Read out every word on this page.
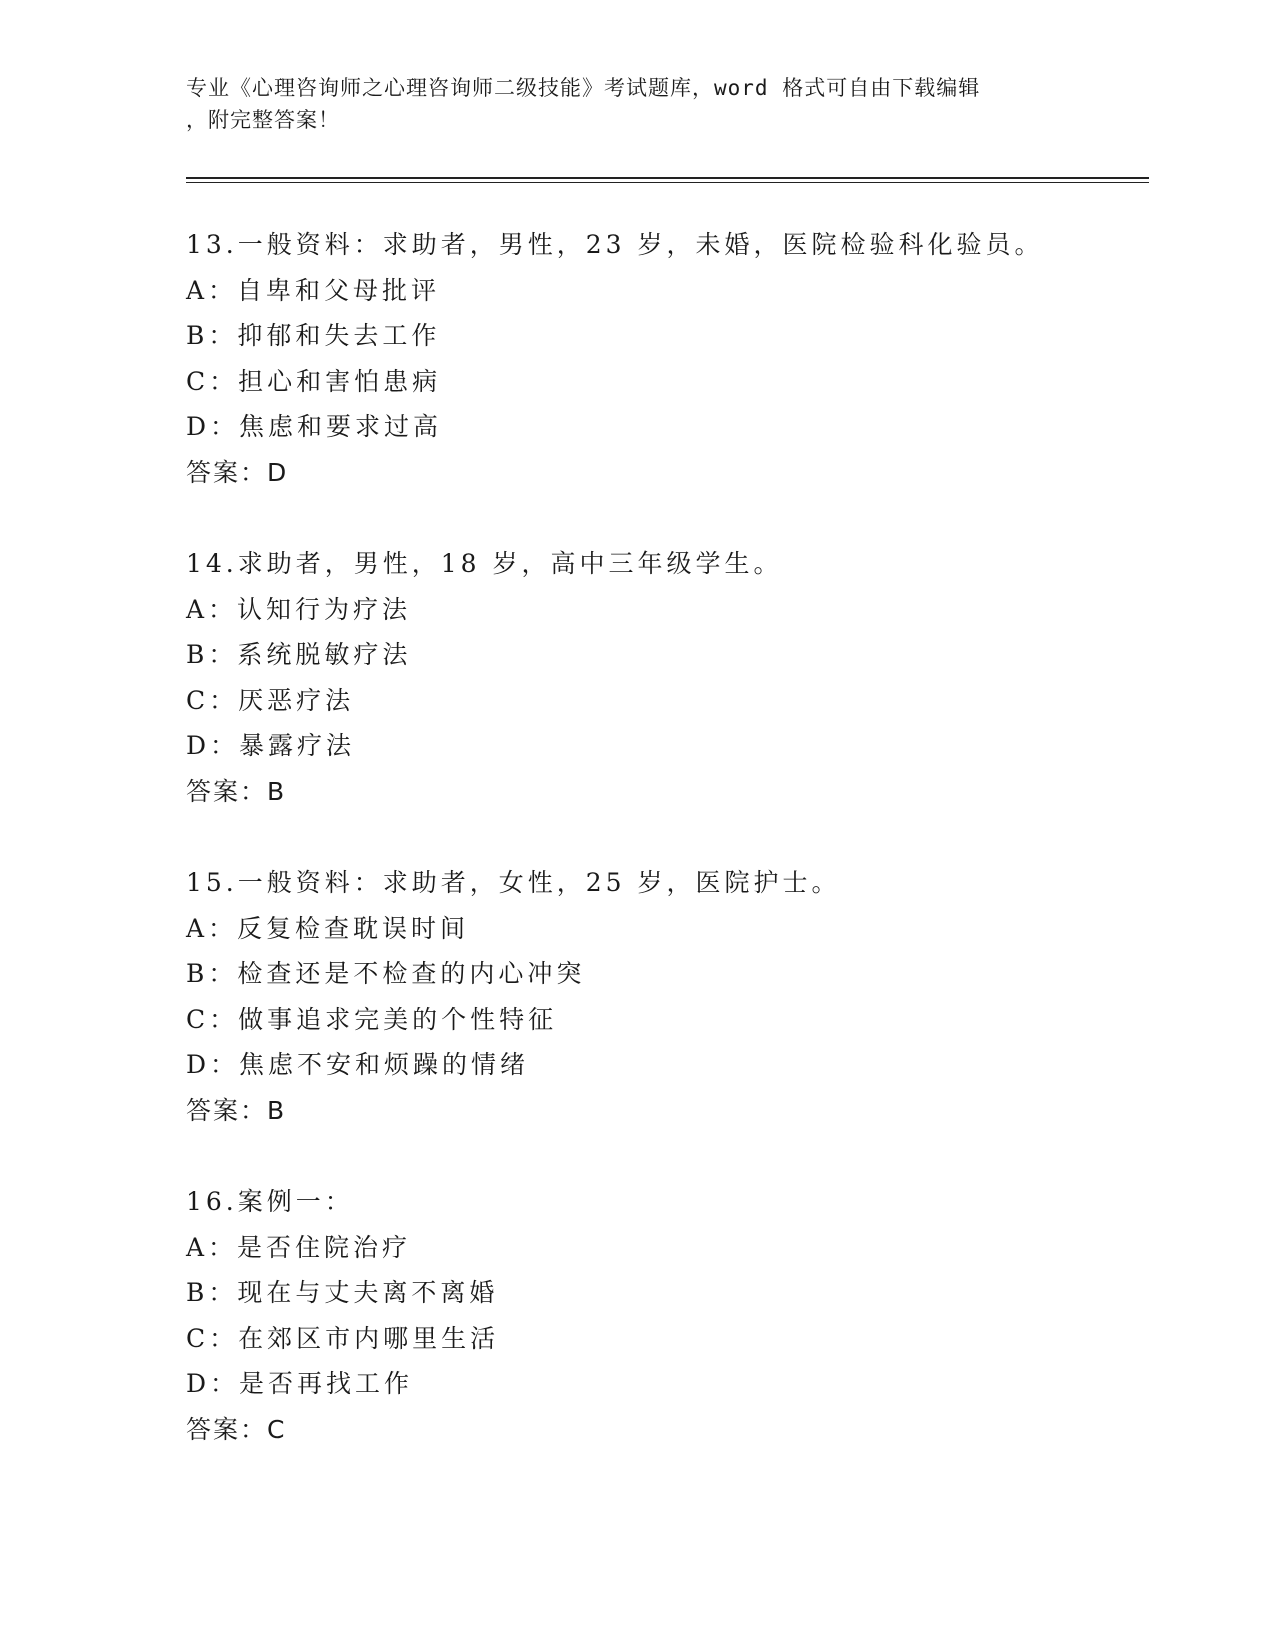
专业《心理咨询师之心理咨询师二级技能》考试题库，word 格式可自由下载编辑
，附完整答案！
13.一般资料：求助者，男性，23 岁，未婚，医院检验科化验员。
A：自卑和父母批评
B：抑郁和失去工作
C：担心和害怕患病
D：焦虑和要求过高
答案：D
14.求助者，男性，18 岁，高中三年级学生。
A：认知行为疗法
B：系统脱敏疗法
C：厌恶疗法
D：暴露疗法
答案：B
15.一般资料：求助者，女性，25 岁，医院护士。
A：反复检查耽误时间
B：检查还是不检查的内心冲突
C：做事追求完美的个性特征
D：焦虑不安和烦躁的情绪
答案：B
16.案例一：
A：是否住院治疗
B：现在与丈夫离不离婚
C：在郊区市内哪里生活
D：是否再找工作
答案：C
